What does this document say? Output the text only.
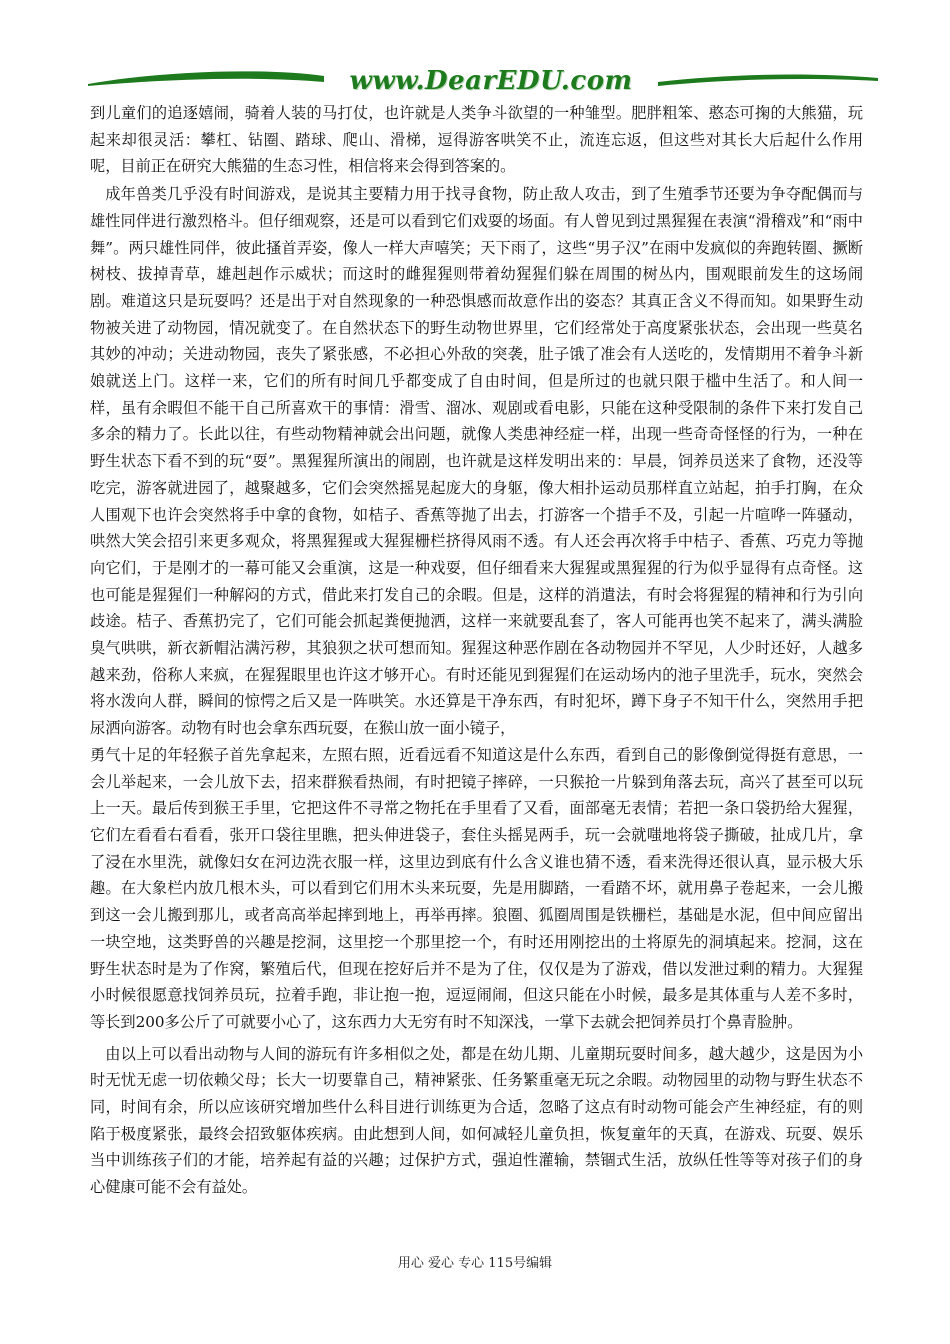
www.DearEDU.com

到儿童们的追逐嬉闹，骑着人装的马打仗，也许就是人类争斗欲望的一种雏型。肥胖粗笨、憨态可掬的大熊猫，玩起来却很灵活：攀杠、钻圈、踏球、爬山、滑梯，逗得游客哄笑不止，流连忘返，但这些对其长大后起什么作用呢，目前正在研究大熊猫的生态习性，相信将来会得到答案的。

成年兽类几乎没有时间游戏，是说其主要精力用于找寻食物，防止敌人攻击，到了生殖季节还要为争夺配偶而与雄性同伴进行激烈格斗。但仔细观察，还是可以看到它们戏耍的场面。有人曾见到过黑猩猩在表演“滑稽戏”和“雨中舞”。两只雄性同伴，彼此搔首弄姿，像人一样大声嘻笑；天下雨了，这些“男子汉”在雨中发疯似的奔跑转圈、撅断树枝、拔掉青草，雄赳赳作示威状；而这时的雌猩猩则带着幼猩猩们躲在周围的树丛内，围观眼前发生的这场闹剧。难道这只是玩耍吗？还是出于对自然现象的一种恐惧感而故意作出的姿态？其真正含义不得而知。如果野生动物被关进了动物园，情况就变了。在自然状态下的野生动物世界里，它们经常处于高度紧张状态，会出现一些莫名其妙的冲动；关进动物园，丧失了紧张感，不必担心外敌的突袭，肚子饿了准会有人送吃的，发情期用不着争斗新娘就送上门。这样一来，它们的所有时间几乎都变成了自由时间，但是所过的也就只限于槛中生活了。和人间一样，虽有余暇但不能干自己所喜欢干的事情：滑雪、溜冰、观剧或看电影，只能在这种受限制的条件下来打发自己多余的精力了。长此以往，有些动物精神就会出问题，就像人类患神经症一样，出现一些奇奇怪怪的行为，一种在野生状态下看不到的玩“耍”。黑猩猩所演出的闹剧，也许就是这样发明出来的：早晨，饲养员送来了食物，还没等吃完，游客就进园了，越聚越多，它们会突然摇晃起庞大的身躯，像大相扑运动员那样直立站起，拍手打胸，在众人围观下也许会突然将手中拿的食物，如桔子、香蕉等抛了出去，打游客一个措手不及，引起一片喧哗一阵骚动，哄然大笑会招引来更多观众，将黑猩猩或大猩猩栅栏挤得风雨不透。有人还会再次将手中桔子、香蕉、巧克力等抛向它们，于是刚才的一幕可能又会重演，这是一种戏耍，但仔细看来大猩猩或黑猩猩的行为似乎显得有点奇怪。这也可能是猩猩们一种解闷的方式，借此来打发自己的余暇。但是，这样的消遣法，有时会将猩猩的精神和行为引向歧途。桔子、香蕉扔完了，它们可能会抓起粪便抛洒，这样一来就要乱套了，客人可能再也笑不起来了，满头满脸臭气哄哄，新衣新帽沾满污秽，其狼狈之状可想而知。猩猩这种恶作剧在各动物园并不罕见，人少时还好，人越多越来劲，俗称人来疯，在猩猩眼里也许这才够开心。有时还能见到猩猩们在运动场内的池子里洗手，玩水，突然会将水泼向人群，瞬间的惊愕之后又是一阵哄笑。水还算是干净东西，有时犯坏，蹲下身子不知干什么，突然用手把尿洒向游客。动物有时也会拿东西玩耍，在猴山放一面小镜子，

勇气十足的年轻猴子首先拿起来，左照右照，近看远看不知道这是什么东西，看到自己的影像倒觉得挺有意思，一会儿举起来，一会儿放下去，招来群猴看热闹，有时把镜子摔碎，一只猴抢一片躲到角落去玩，高兴了甚至可以玩上一天。最后传到猴王手里，它把这件不寻常之物托在手里看了又看，面部毫无表情；若把一条口袋扔给大猩猩，它们左看看右看看，张开口袋往里瞧，把头伸进袋子，套住头摇晃两手，玩一会就嗤地将袋子撕破，扯成几片，拿了浸在水里洗，就像妇女在河边洗衣服一样，这里边到底有什么含义谁也猜不透，看来洗得还很认真，显示极大乐趣。在大象栏内放几根木头，可以看到它们用木头来玩耍，先是用脚踏，一看踏不坏，就用鼻子卷起来，一会儿搬到这一会儿搬到那儿，或者高高举起摔到地上，再举再摔。狼圈、狐圈周围是铁栅栏，基础是水泥，但中间应留出一块空地，这类野兽的兴趣是挖洞，这里挖一个那里挖一个，有时还用刚挖出的土将原先的洞填起来。挖洞，这在野生状态时是为了作窝，繁殖后代，但现在挖好后并不是为了住，仅仅是为了游戏，借以发泄过剩的精力。大猩猩小时候很愿意找饲养员玩，拉着手跑，非让抱一抱，逗逗闹闹，但这只能在小时候，最多是其体重与人差不多时，等长到200多公斤了可就要小心了，这东西力大无穷有时不知深浅，一掌下去就会把饲养员打个鼻青脸肿。

由以上可以看出动物与人间的游玩有许多相似之处，都是在幼儿期、儿童期玩耍时间多，越大越少，这是因为小时无忧无虑一切依赖父母；长大一切要靠自己，精神紧张、任务繁重毫无玩之余暇。动物园里的动物与野生状态不同，时间有余，所以应该研究增加些什么科目进行训练更为合适，忽略了这点有时动物可能会产生神经症，有的则陷于极度紧张，最终会招致躯体疾病。由此想到人间，如何减轻儿童负担，恢复童年的天真，在游戏、玩耍、娱乐当中训练孩子们的才能，培养起有益的兴趣；过保护方式，强迫性灌输，禁锢式生活，放纵任性等等对孩子们的身心健康可能不会有益处。

用心 爱心 专心 115号编辑
